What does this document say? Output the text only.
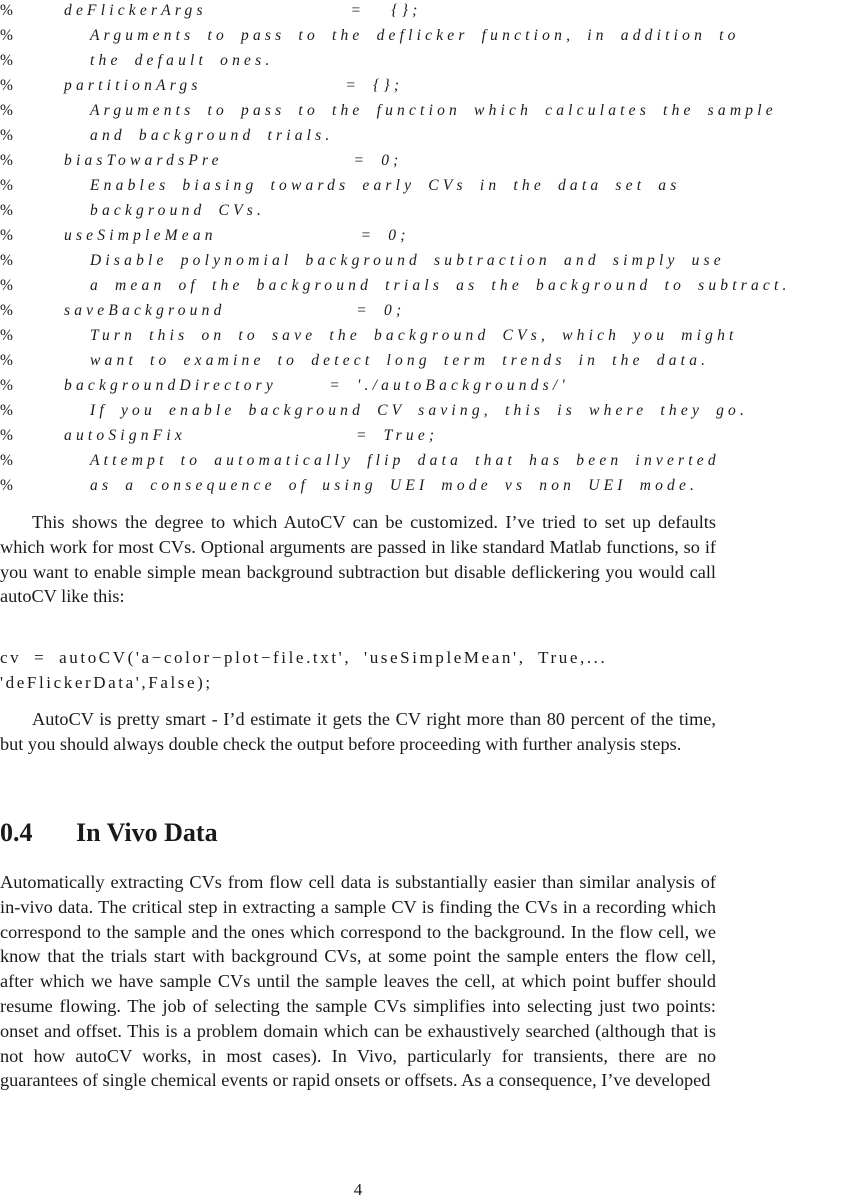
%	deFlickerArgs           =  {};
%	Arguments to pass to the deflicker function, in addition to
%	the default ones.
%	partitionArgs           = {};
%	Arguments to pass to the function which calculates the sample
%	and background trials.
%	biasTowardsPre          = 0;
%	Enables biasing towards early CVs in the data set as
%	background CVs.
%	useSimpleMean           = 0;
%	Disable polynomial background subtraction and simply use
%	a mean of the background trials as the background to subtract.
%	saveBackground          = 0;
%	Turn this on to save the background CVs, which you might
%	want to examine to detect long term trends in the data.
%	backgroundDirectory    = './autoBackgrounds/'
%	If you enable background CV saving, this is where they go.
%	autoSignFix             = True;
%	Attempt to automatically flip data that has been inverted
%	as a consequence of using UEI mode vs non UEI mode.

This shows the degree to which AutoCV can be customized. I’ve tried to set up defaults which work for most CVs. Optional arguments are passed in like standard Matlab functions, so if you want to enable simple mean background subtraction but disable deflickering you would call autoCV like this:

cv = autoCV('a−color−plot−file.txt', 'useSimpleMean', True,...
'deFlickerData',False);

AutoCV is pretty smart - I’d estimate it gets the CV right more than 80 percent of the time, but you should always double check the output before proceeding with further analysis steps.

0.4 In Vivo Data

Automatically extracting CVs from flow cell data is substantially easier than similar analysis of in-vivo data. The critical step in extracting a sample CV is finding the CVs in a recording which correspond to the sample and the ones which correspond to the background. In the flow cell, we know that the trials start with background CVs, at some point the sample enters the flow cell, after which we have sample CVs until the sample leaves the cell, at which point buffer should resume flowing. The job of selecting the sample CVs simplifies into selecting just two points: onset and offset. This is a problem domain which can be exhaustively searched (although that is not how autoCV works, in most cases). In Vivo, particularly for transients, there are no guarantees of single chemical events or rapid onsets or offsets. As a consequence, I’ve developed

4
